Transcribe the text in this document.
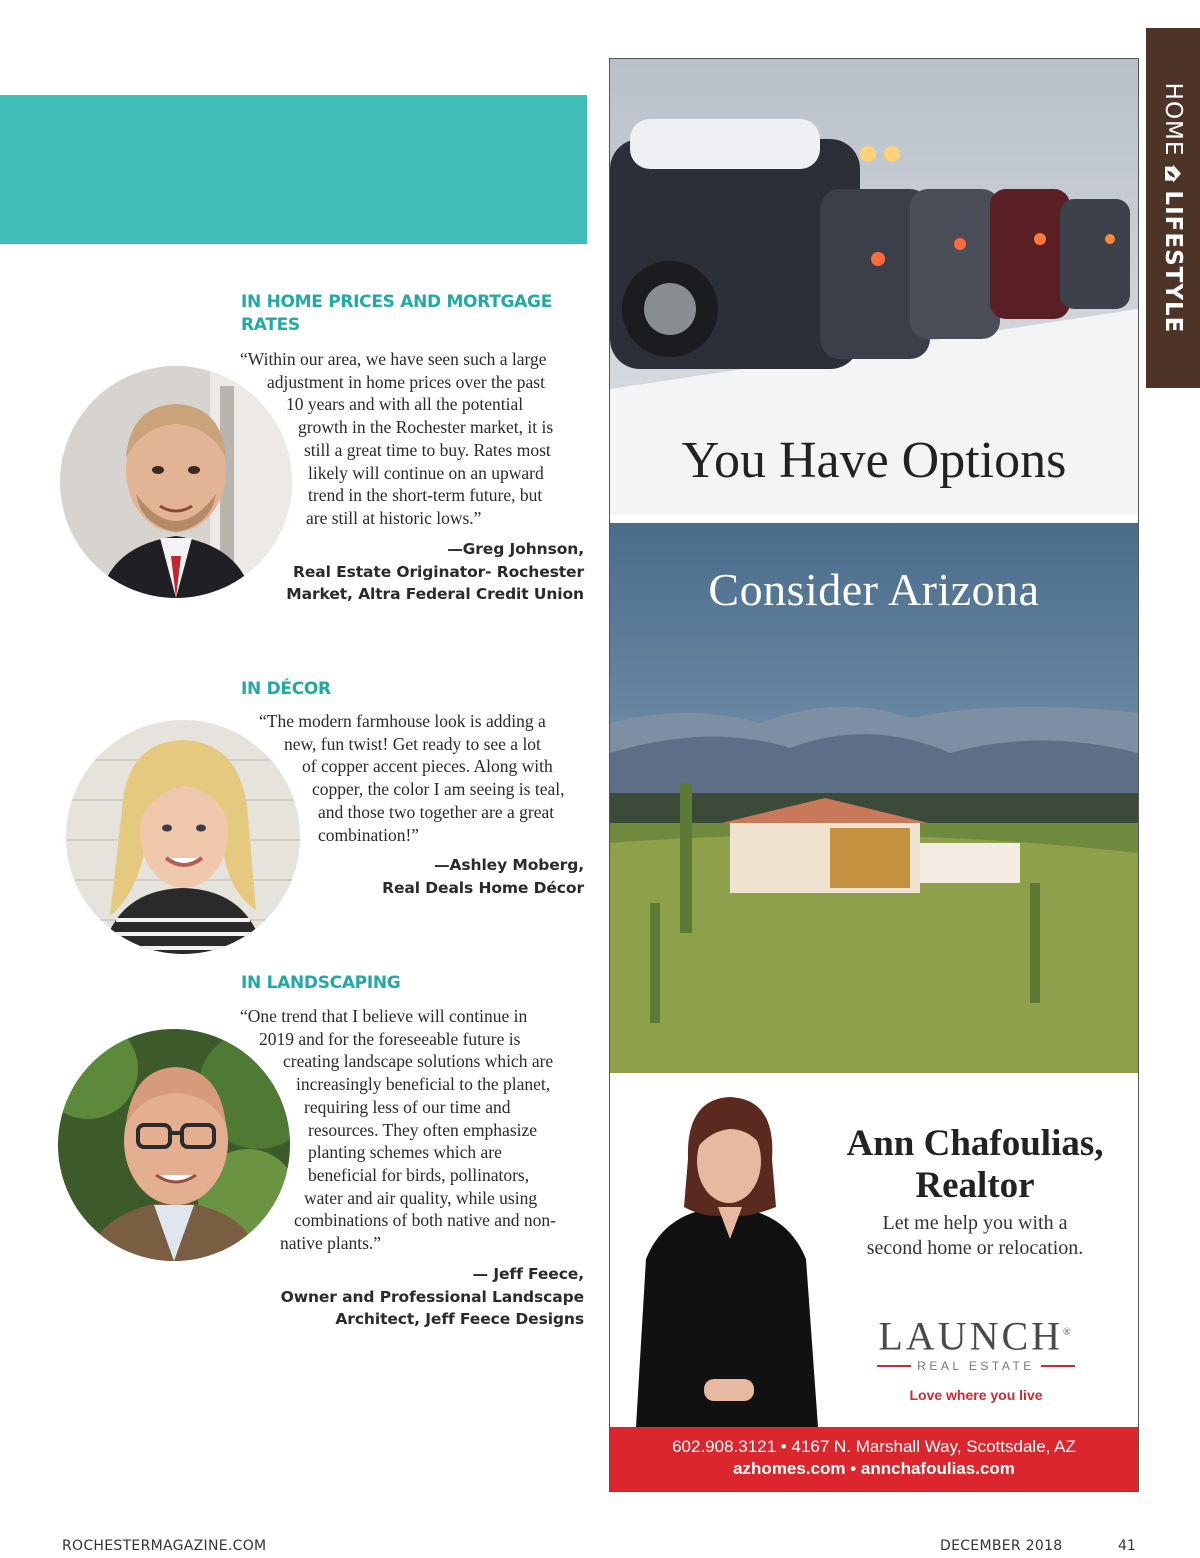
IN HOME PRICES AND MORTGAGE RATES

“Within our area, we have seen such a large
adjustment in home prices over the past
10 years and with all the potential
growth in the Rochester market, it is
still a great time to buy. Rates most
likely will continue on an upward
trend in the short-term future, but
are still at historic lows.”

—Greg Johnson,
Real Estate Originator- Rochester
Market, Altra Federal Credit Union

IN DÉCOR

“The modern farmhouse look is adding a
new, fun twist! Get ready to see a lot
of copper accent pieces. Along with
copper, the color I am seeing is teal,
and those two together are a great
combination!”

—Ashley Moberg,
Real Deals Home Décor

IN LANDSCAPING

“One trend that I believe will continue in
2019 and for the foreseeable future is
creating landscape solutions which are
increasingly beneficial to the planet,
requiring less of our time and
resources. They often emphasize
planting schemes which are
beneficial for birds, pollinators,
water and air quality, while using
combinations of both native and non-
native plants.”

— Jeff Feece,
Owner and Professional Landscape
Architect, Jeff Feece Designs

You Have Options
Consider Arizona
Ann Chafoulias,
Realtor
Let me help you with a
second home or relocation.
LAUNCH®
REAL ESTATE
Love where you live
602.908.3121 • 4167 N. Marshall Way, Scottsdale, AZ
azhomes.com • annchafoulias.com
HOME
LIFESTYLE
ROCHESTERMAGAZINE.COM	DECEMBER 2018	41
